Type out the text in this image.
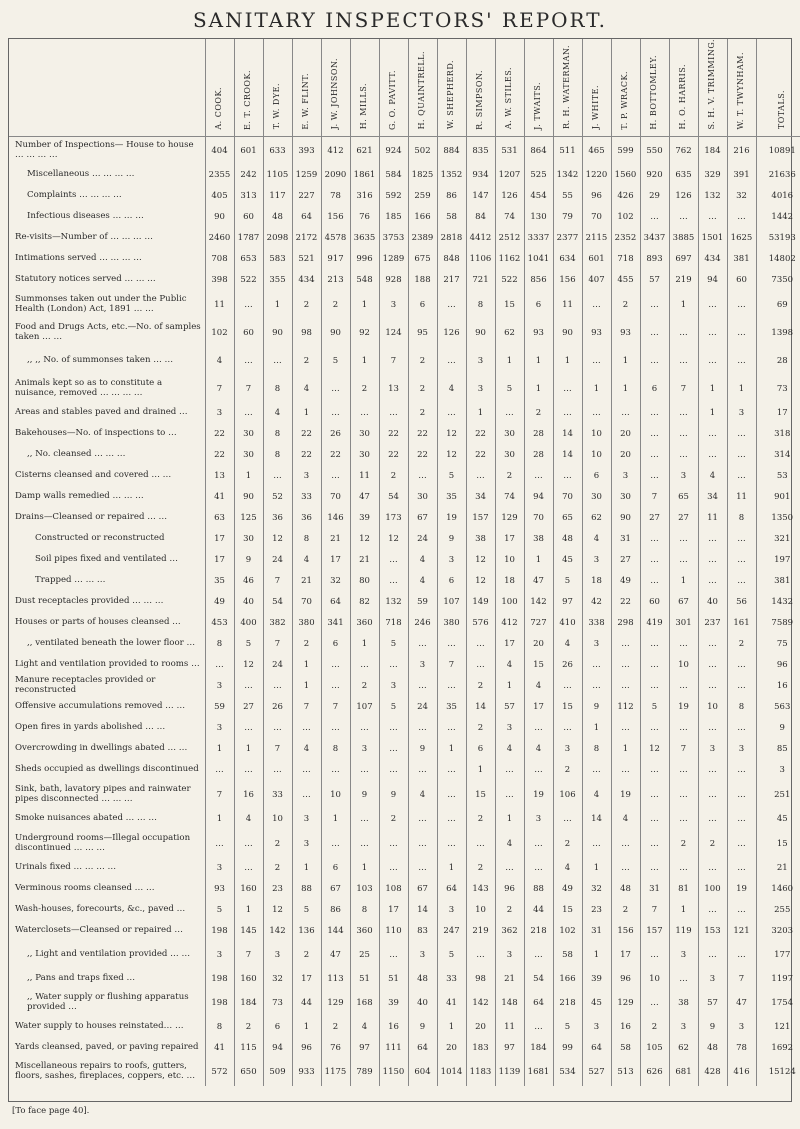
SANITARY INSPECTORS' REPORT.

	A. COOK.	E. T. CROOK.	T. W. DYE.	E. W. FLINT.	J. W. JOHNSON.	H. MILLS.	G. O. PAVITT.	H. QUAINTRELL.	W. SHEPHERD.	R. SIMPSON.	A. W. STILES.	J. TWAITS.	R. H. WATERMAN.	J. WHITE.	T. P. WRACK.	H. BOTTOMLEY.	H. O. HARRIS.	S. H. V. TRIMMING.	W. T. TWYNHAM.	TOTALS.

Number of Inspections— House to house … … … …	404	601	633	393	412	621	924	502	884	835	531	864	511	465	599	550	762	184	216	10891
Miscellaneous … … … …	2355	242	1105	1259	2090	1861	584	1825	1352	934	1207	525	1342	1220	1560	920	635	329	391	21636
Complaints … … … …	405	313	117	227	78	316	592	259	86	147	126	454	55	96	426	29	126	132	32	4016
Infectious diseases … … …	90	60	48	64	156	76	185	166	58	84	74	130	79	70	102	…	…	…	…	1442
Re-visits—Number of … … … …	2460	1787	2098	2172	4578	3635	3753	2389	2818	4412	2512	3337	2377	2115	2352	3437	3885	1501	1625	53193
Intimations served … … … …	708	653	583	521	917	996	1289	675	848	1106	1162	1041	634	601	718	893	697	434	381	14802
Statutory notices served … … …	398	522	355	434	213	548	928	188	217	721	522	856	156	407	455	57	219	94	60	7350
Summonses taken out under the Public Health (London) Act, 1891 … …	11	…	1	2	2	1	3	6	…	8	15	6	11	…	2	…	1	…	…	69
Food and Drugs Acts, etc.—No. of samples taken … …	102	60	90	98	90	92	124	95	126	90	62	93	90	93	93	…	…	…	…	1398
,, ,, No. of summonses taken … …	4	…	…	2	5	1	7	2	…	3	1	1	1	…	1	…	…	…	…	28
Animals kept so as to constitute a nuisance, removed … … … …	7	7	8	4	…	2	13	2	4	3	5	1	…	1	1	6	7	1	1	73
Areas and stables paved and drained …	3	…	4	1	…	…	…	2	…	1	…	2	…	…	…	…	…	1	3	17
Bakehouses—No. of inspections to …	22	30	8	22	26	30	22	22	12	22	30	28	14	10	20	…	…	…	…	318
,, No. cleansed … … …	22	30	8	22	22	30	22	22	12	22	30	28	14	10	20	…	…	…	…	314
Cisterns cleansed and covered … …	13	1	…	3	…	11	2	…	5	…	2	…	…	6	3	…	3	4	…	53
Damp walls remedied … … …	41	90	52	33	70	47	54	30	35	34	74	94	70	30	30	7	65	34	11	901
Drains—Cleansed or repaired … …	63	125	36	36	146	39	173	67	19	157	129	70	65	62	90	27	27	11	8	1350
Constructed or reconstructed	17	30	12	8	21	12	12	24	9	38	17	38	48	4	31	…	…	…	…	321
Soil pipes fixed and ventilated …	17	9	24	4	17	21	…	4	3	12	10	1	45	3	27	…	…	…	…	197
Trapped … … …	35	46	7	21	32	80	…	4	6	12	18	47	5	18	49	…	1	…	…	381
Dust receptacles provided … … …	49	40	54	70	64	82	132	59	107	149	100	142	97	42	22	60	67	40	56	1432
Houses or parts of houses cleansed …	453	400	382	380	341	360	718	246	380	576	412	727	410	338	298	419	301	237	161	7589
,, ventilated beneath the lower floor …	8	5	7	2	6	1	5	…	…	…	17	20	4	3	…	…	…	…	2	75
Light and ventilation provided to rooms …	…	12	24	1	…	…	…	3	7	…	4	15	26	…	…	…	10	…	…	96
Manure receptacles provided or reconstructed	3	…	…	1	…	2	3	…	…	2	1	4	…	…	…	…	…	…	…	16
Offensive accumulations removed … …	59	27	26	7	7	107	5	24	35	14	57	17	15	9	112	5	19	10	8	563
Open fires in yards abolished … …	3	…	…	…	…	…	…	…	…	2	3	…	…	1	…	…	…	…	…	9
Overcrowding in dwellings abated … …	1	1	7	4	8	3	…	9	1	6	4	4	3	8	1	12	7	3	3	85
Sheds occupied as dwellings discontinued	…	…	…	…	…	…	…	…	…	1	…	…	2	…	…	…	…	…	…	3
Sink, bath, lavatory pipes and rainwater pipes disconnected … … …	7	16	33	…	10	9	9	4	…	15	…	19	106	4	19	…	…	…	…	251
Smoke nuisances abated … … …	1	4	10	3	1	…	2	…	…	2	1	3	…	14	4	…	…	…	…	45
Underground rooms—Illegal occupation discontinued … … …	…	…	2	3	…	…	…	…	…	…	4	…	2	…	…	…	2	2	…	15
Urinals fixed … … … …	3	…	2	1	6	1	…	…	1	2	…	…	4	1	…	…	…	…	…	21
Verminous rooms cleansed … …	93	160	23	88	67	103	108	67	64	143	96	88	49	32	48	31	81	100	19	1460
Wash-houses, forecourts, &c., paved …	5	1	12	5	86	8	17	14	3	10	2	44	15	23	2	7	1	…	…	255
Waterclosets—Cleansed or repaired …	198	145	142	136	144	360	110	83	247	219	362	218	102	31	156	157	119	153	121	3203
,, Light and ventilation provided … …	3	7	3	2	47	25	…	3	5	…	3	…	58	1	17	…	3	…	…	177
,, Pans and traps fixed …	198	160	32	17	113	51	51	48	33	98	21	54	166	39	96	10	…	3	7	1197
,, Water supply or flushing apparatus provided …	198	184	73	44	129	168	39	40	41	142	148	64	218	45	129	…	38	57	47	1754
Water supply to houses reinstated… …	8	2	6	1	2	4	16	9	1	20	11	…	5	3	16	2	3	9	3	121
Yards cleansed, paved, or paving repaired	41	115	94	96	76	97	111	64	20	183	97	184	99	64	58	105	62	48	78	1692
Miscellaneous repairs to roofs, gutters, floors, sashes, fireplaces, coppers, etc. …	572	650	509	933	1175	789	1150	604	1014	1183	1139	1681	534	527	513	626	681	428	416	15124
[To face page 40].
